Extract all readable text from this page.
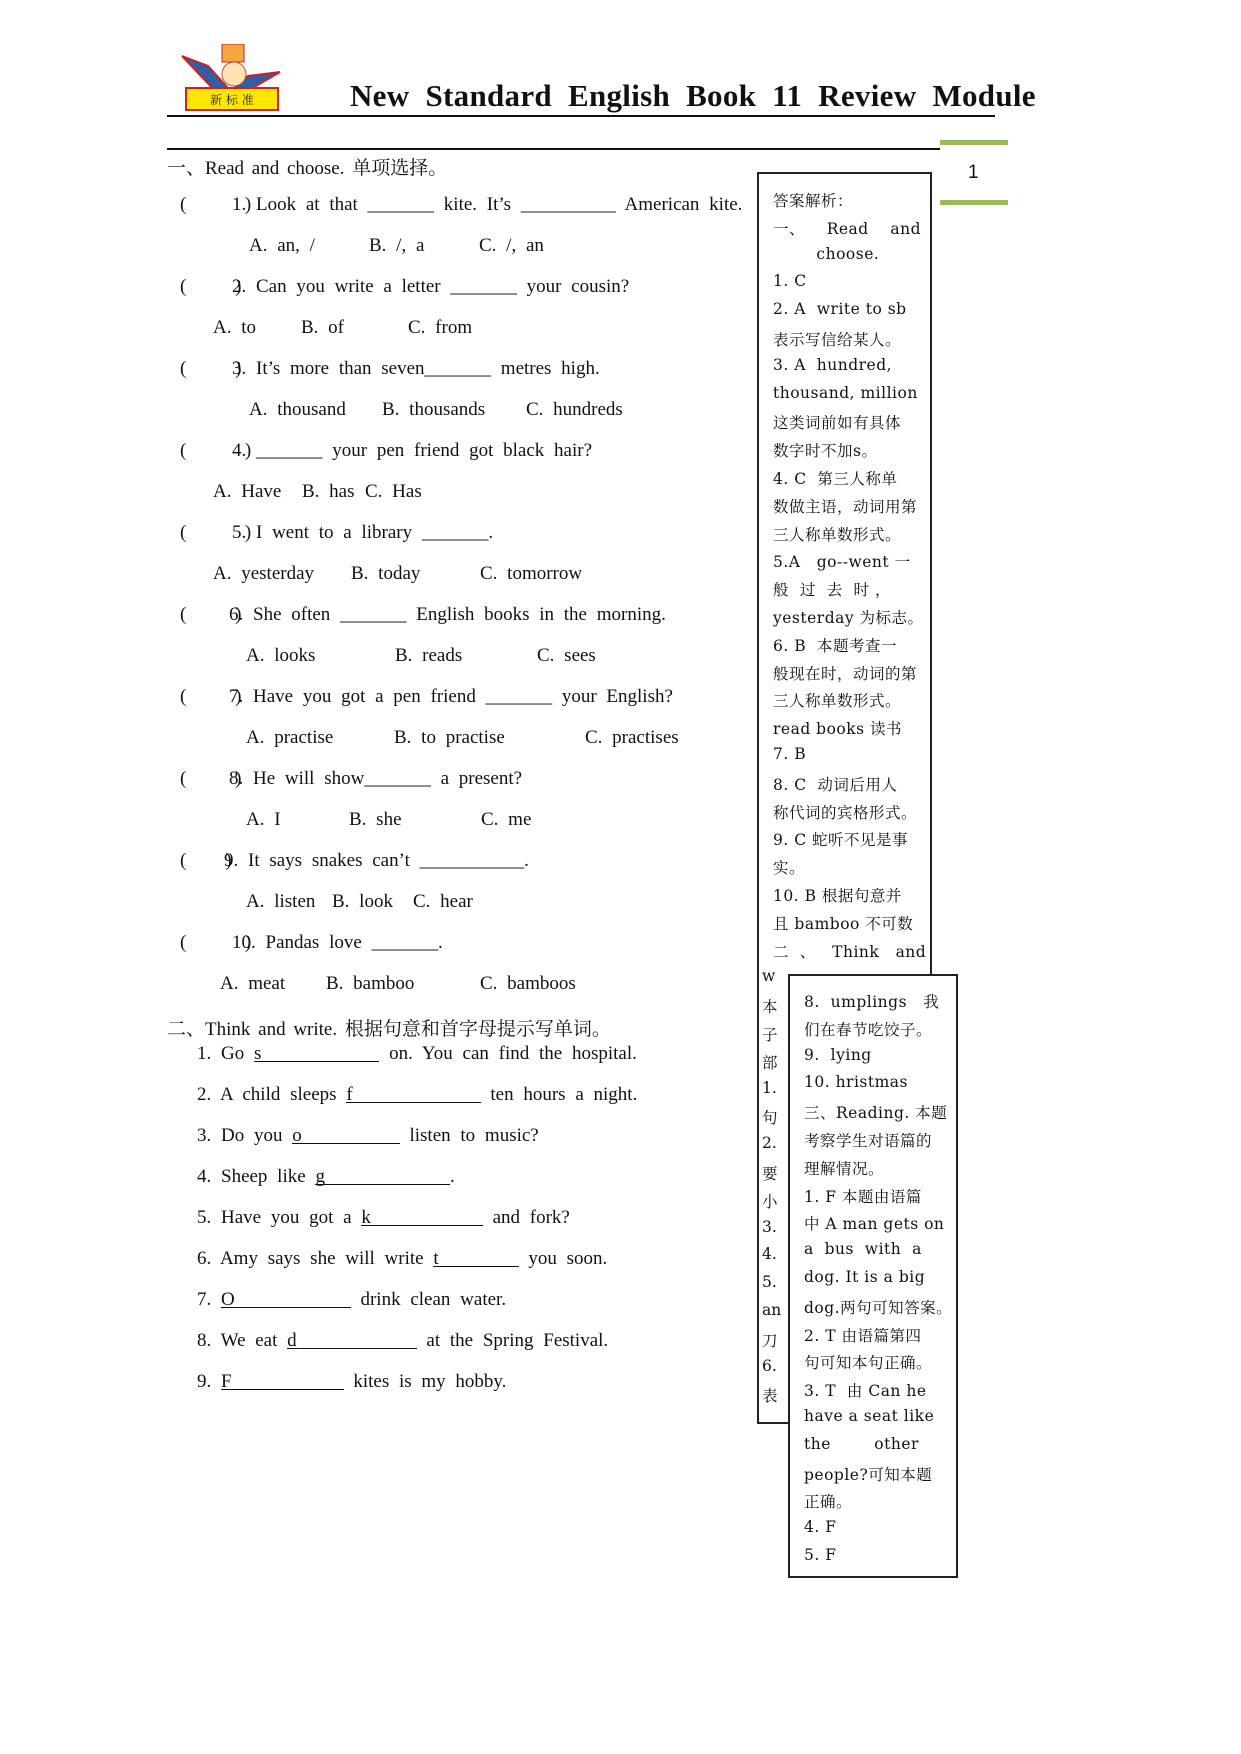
新 标 准	New Standard English Book 11 Review Module
1
一、Read and choose. 单项选择。
(      )
1. Look at that _______ kite. It’s __________ American kite.
A. an, /	B. /, a	C. /, an
(     )
2. Can you write a letter _______ your cousin?
A. to B. of	C. from
(     )
3. It’s more than seven_______ metres high.
A. thousand B. thousands C. hundreds
(      )
4. _______ your pen friend got black hair?
A. Have B. has C. Has
(      )
5. I went to a library _______.
A. yesterday B. today	C. tomorrow
(     )
6. She often _______ English books in the morning.
A. looks	B. reads	C. sees
(     )
7. Have you got a pen friend _______ your English?
A. practise	B. to practise	C. practises
(     )
8. He will show_______ a present?
A. I	B. she	C. me
(    )
9. It says snakes can’t ___________.
A. listen B. look C. hear
(      )
10. Pandas love _______.
A. meat B. bamboo	C. bamboos
二、Think and write. 根据句意和首字母提示写单词。
1. Go s	on. You can find the hospital.
2. A child sleeps f	ten hours a night.
3. Do you o	listen to music?
4. Sheep like g	.
5. Have you got a k	and fork?
6. Amy says she will write t	you soon.
7. O	drink clean water.
8. We eat d	at the Spring Festival.
9. F	kites is my hobby.
答案解析：
一、    Read    and
choose.
1. C
2. A  write to sb
表示写信给某人。
3. A  hundred,
thousand, million
这类词前如有具体
数字时不加s。
4. C  第三人称单
数做主语，动词用第
三人称单数形式。
5.A   go--went 一
般  过  去  时 ，
yesterday 为标志。
6. B  本题考查一
般现在时，动词的第
三人称单数形式。
read books 读书
7. B
8. C  动词后用人
称代词的宾格形式。
9. C 蛇听不见是事
实。
10. B 根据句意并
且 bamboo 不可数
二  、   Think   and
w
本
子
部
1.
句
2.
要
小
3.
4.
5.
an
刀
6.
表
8.  umplings   我
们在春节吃饺子。
9.  lying
10. hristmas
三、Reading. 本题
考察学生对语篇的
理解情况。
1. F 本题由语篇
中 A man gets on
a  bus  with  a
dog. It is a big
dog.两句可知答案。
2. T 由语篇第四
句可知本句正确。
3. T  由 Can he
have a seat like
the        other
people?可知本题
正确。
4. F
5. F
